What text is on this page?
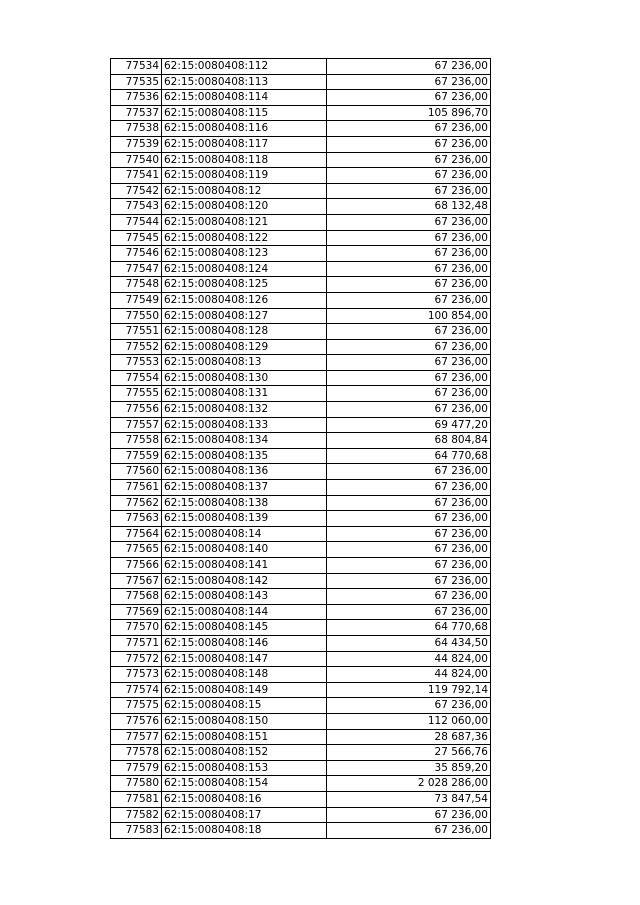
77534	62:15:0080408:112	67 236,00
77535	62:15:0080408:113	67 236,00
77536	62:15:0080408:114	67 236,00
77537	62:15:0080408:115	105 896,70
77538	62:15:0080408:116	67 236,00
77539	62:15:0080408:117	67 236,00
77540	62:15:0080408:118	67 236,00
77541	62:15:0080408:119	67 236,00
77542	62:15:0080408:12	67 236,00
77543	62:15:0080408:120	68 132,48
77544	62:15:0080408:121	67 236,00
77545	62:15:0080408:122	67 236,00
77546	62:15:0080408:123	67 236,00
77547	62:15:0080408:124	67 236,00
77548	62:15:0080408:125	67 236,00
77549	62:15:0080408:126	67 236,00
77550	62:15:0080408:127	100 854,00
77551	62:15:0080408:128	67 236,00
77552	62:15:0080408:129	67 236,00
77553	62:15:0080408:13	67 236,00
77554	62:15:0080408:130	67 236,00
77555	62:15:0080408:131	67 236,00
77556	62:15:0080408:132	67 236,00
77557	62:15:0080408:133	69 477,20
77558	62:15:0080408:134	68 804,84
77559	62:15:0080408:135	64 770,68
77560	62:15:0080408:136	67 236,00
77561	62:15:0080408:137	67 236,00
77562	62:15:0080408:138	67 236,00
77563	62:15:0080408:139	67 236,00
77564	62:15:0080408:14	67 236,00
77565	62:15:0080408:140	67 236,00
77566	62:15:0080408:141	67 236,00
77567	62:15:0080408:142	67 236,00
77568	62:15:0080408:143	67 236,00
77569	62:15:0080408:144	67 236,00
77570	62:15:0080408:145	64 770,68
77571	62:15:0080408:146	64 434,50
77572	62:15:0080408:147	44 824,00
77573	62:15:0080408:148	44 824,00
77574	62:15:0080408:149	119 792,14
77575	62:15:0080408:15	67 236,00
77576	62:15:0080408:150	112 060,00
77577	62:15:0080408:151	28 687,36
77578	62:15:0080408:152	27 566,76
77579	62:15:0080408:153	35 859,20
77580	62:15:0080408:154	2 028 286,00
77581	62:15:0080408:16	73 847,54
77582	62:15:0080408:17	67 236,00
77583	62:15:0080408:18	67 236,00
